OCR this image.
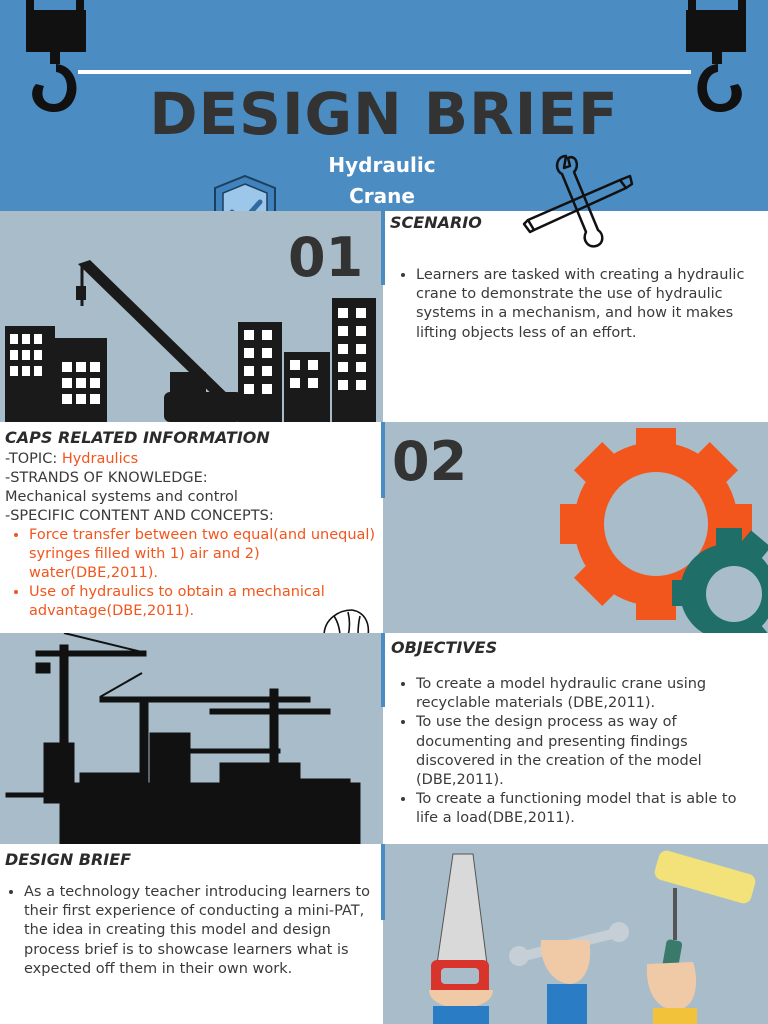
DESIGN BRIEF
Hydraulic
Crane
01
SCENARIO
• Learners are tasked with creating a hydraulic crane to demonstrate the use of hydraulic systems in a mechanism, and how it makes lifting objects less of an effort.
02
CAPS RELATED INFORMATION
-TOPIC: Hydraulics
-STRANDS OF KNOWLEDGE:
Mechanical systems and control
-SPECIFIC CONTENT AND CONCEPTS:
• Force transfer between two equal(and unequal) syringes filled with 1) air and 2) water(DBE,2011).
• Use of hydraulics to obtain a mechanical advantage(DBE,2011).
OBJECTIVES
• To create a model hydraulic crane using recyclable materials (DBE,2011).
• To use the design process as way of documenting and presenting findings discovered in the creation of the model (DBE,2011).
• To create a functioning model that is able to life a load(DBE,2011).
DESIGN BRIEF
• As a technology teacher introducing learners to their first experience of conducting a mini-PAT, the idea in creating this model and design process brief is to showcase learners what is expected off them in their own work.
